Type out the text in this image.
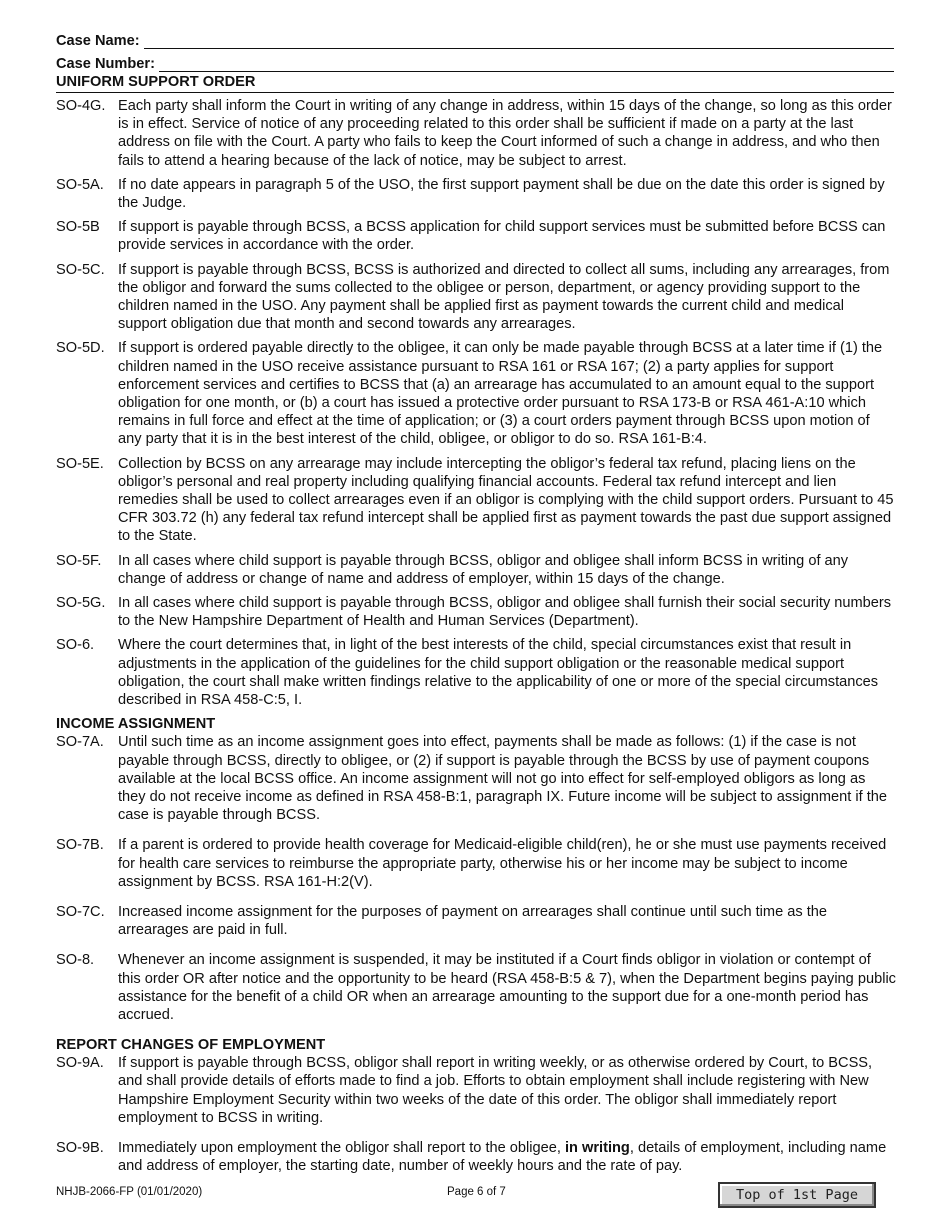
Case Name:
Case Number:
UNIFORM SUPPORT ORDER
SO-4G. Each party shall inform the Court in writing of any change in address, within 15 days of the change, so long as this order is in effect. Service of notice of any proceeding related to this order shall be sufficient if made on a party at the last address on file with the Court. A party who fails to keep the Court informed of such a change in address, and who then fails to attend a hearing because of the lack of notice, may be subject to arrest.
SO-5A. If no date appears in paragraph 5 of the USO, the first support payment shall be due on the date this order is signed by the Judge.
SO-5B	If support is payable through BCSS, a BCSS application for child support services must be submitted before BCSS can provide services in accordance with the order.
SO-5C. If support is payable through BCSS, BCSS is authorized and directed to collect all sums, including any arrearages, from the obligor and forward the sums collected to the obligee or person, department, or agency providing support to the children named in the USO. Any payment shall be applied first as payment towards the current child and medical support obligation due that month and second towards any arrearages.
SO-5D. If support is ordered payable directly to the obligee, it can only be made payable through BCSS at a later time if (1) the children named in the USO receive assistance pursuant to RSA 161 or RSA 167; (2) a party applies for support enforcement services and certifies to BCSS that (a) an arrearage has accumulated to an amount equal to the support obligation for one month, or (b) a court has issued a protective order pursuant to RSA 173-B or RSA 461-A:10 which remains in full force and effect at the time of application; or (3) a court orders payment through BCSS upon motion of any party that it is in the best interest of the child, obligee, or obligor to do so. RSA 161-B:4.
SO-5E. Collection by BCSS on any arrearage may include intercepting the obligor’s federal tax refund, placing liens on the obligor’s personal and real property including qualifying financial accounts. Federal tax refund intercept and lien remedies shall be used to collect arrearages even if an obligor is complying with the child support orders. Pursuant to 45 CFR 303.72 (h) any federal tax refund intercept shall be applied first as payment towards the past due support assigned to the State.
SO-5F.	In all cases where child support is payable through BCSS, obligor and obligee shall inform BCSS in writing of any change of address or change of name and address of employer, within 15 days of the change.
SO-5G. In all cases where child support is payable through BCSS, obligor and obligee shall furnish their social security numbers to the New Hampshire Department of Health and Human Services (Department).
SO-6.	Where the court determines that, in light of the best interests of the child, special circumstances exist that result in adjustments in the application of the guidelines for the child support obligation or the reasonable medical support obligation, the court shall make written findings relative to the applicability of one or more of the special circumstances described in RSA 458-C:5, I.
INCOME ASSIGNMENT
SO-7A. Until such time as an income assignment goes into effect, payments shall be made as follows: (1) if the case is not payable through BCSS, directly to obligee, or (2) if support is payable through the BCSS by use of payment coupons available at the local BCSS office. An income assignment will not go into effect for self-employed obligors as long as they do not receive income as defined in RSA 458-B:1, paragraph IX. Future income will be subject to assignment if the case is payable through BCSS.
SO-7B. If a parent is ordered to provide health coverage for Medicaid-eligible child(ren), he or she must use payments received for health care services to reimburse the appropriate party, otherwise his or her income may be subject to income assignment by BCSS. RSA 161-H:2(V).
SO-7C. Increased income assignment for the purposes of payment on arrearages shall continue until such time as the arrearages are paid in full.
SO-8.	Whenever an income assignment is suspended, it may be instituted if a Court finds obligor in violation or contempt of this order OR after notice and the opportunity to be heard (RSA 458-B:5 & 7), when the Department begins paying public assistance for the benefit of a child OR when an arrearage amounting to the support due for a one-month period has accrued.
REPORT CHANGES OF EMPLOYMENT
SO-9A. If support is payable through BCSS, obligor shall report in writing weekly, or as otherwise ordered by Court, to BCSS, and shall provide details of efforts made to find a job. Efforts to obtain employment shall include registering with New Hampshire Employment Security within two weeks of the date of this order. The obligor shall immediately report employment to BCSS in writing.
SO-9B. Immediately upon employment the obligor shall report to the obligee, in writing, details of employment, including name and address of employer, the starting date, number of weekly hours and the rate of pay.
NHJB-2066-FP (01/01/2020)	Page 6 of 7	Top of 1st Page
